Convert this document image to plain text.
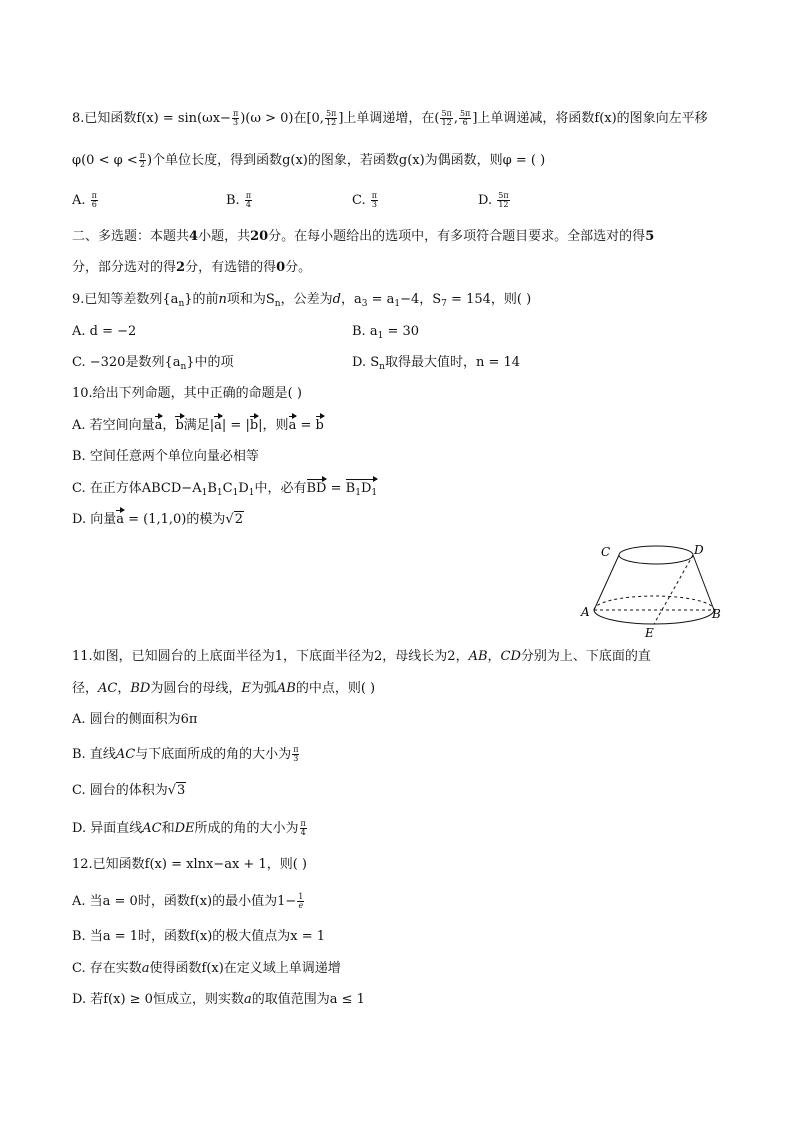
8.已知函数$f(x) = \sin(\omega x- \frac{\pi}{3} )(\omega > 0)$在[0, $\frac{5\pi}{12}$ ]上单调递增，在( $\frac{5\pi}{12}$ , $\frac{5\pi}{6}$ ]上单调递减，将函数f(x)的图象向左平移
$\varphi(0 < \varphi < \frac{\pi}{2}$ )个单位长度，得到函数g(x)的图象，若函数g(x)为偶函数，则φ = ( )
A. $\frac{\pi}{6}$	B. $\frac{\pi}{4}$	C. $\frac{\pi}{3}$	D. $\frac{5\pi}{12}$
二、多选题：本题共4小题，共20分。在每小题给出的选项中，有多项符合题目要求。全部选对的得5
分，部分选对的得2分，有选错的得0分。
9.已知等差数列$\{a_n\}$的前n项和为$S_n$，公差为d，$a_3 = a_1-4$，$S_7 = 154$，则( )
A. d = −2	B. $a_1 = 30$
C. −320是数列$\{a_n\}$中的项	D. $S_n$取得最大值时，n = 14
10.给出下列命题，其中正确的命题是( )
A. 若空间向量a，b满足|a| = |b|，则a = b
B. 空间任意两个单位向量必相等
C. 在正方体$ABCD-A_1B_1C_1D_1$中，必有BD = $B_1D_1$
D. 向量a = (1,1,0)的模为√2
C	D
A	B
E
11.如图，已知圆台的上底面半径为1，下底面半径为2，母线长为2，AB，CD分别为上、下底面的直
径，AC，BD为圆台的母线，E为弧AB的中点，则( )
A. 圆台的侧面积为6π
B. 直线AC与下底面所成的角的大小为 $\frac{\pi}{3}$
C. 圆台的体积为√3
D. 异面直线AC和DE所成的角的大小为 $\frac{\pi}{4}$
12.已知函数f(x) = xlnx−ax + 1，则( )
A. 当a = 0时，函数f(x)的最小值为$1- \frac{1}{e}$
B. 当a = 1时，函数f(x)的极大值点为x = 1
C. 存在实数a使得函数f(x)在定义域上单调递增
D. 若f(x) ≥ 0恒成立，则实数a的取值范围为a ≤ 1
